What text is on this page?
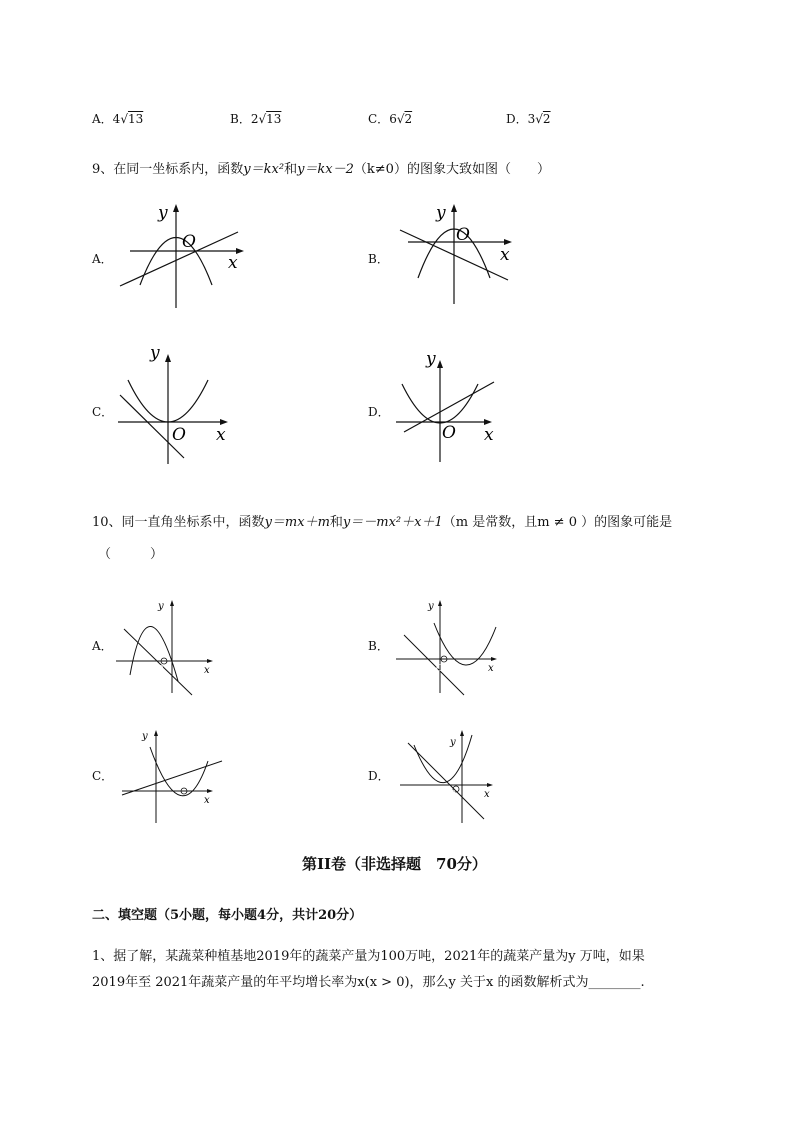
A．4√13	B．2√13	C．6√2	D．3√2
9、在同一坐标系内，函数y＝kx²和y＝kx－2（k≠0）的图象大致如图（　　）
A．
y
x
O
B．
y
x
O
C．
y
x
O
D．
y
x
O
10、同一直角坐标系中，函数y＝mx＋m和y＝－mx²＋x＋1（m 是常数，且m ≠ 0 ）的图象可能是
（　　　）
A．
y
x
O
B．
y
x
O
C．
y
x
O
D．
y
x
O
第II卷（非选择题　70分）
二、填空题（5小题，每小题4分，共计20分）
1、据了解，某蔬菜种植基地2019年的蔬菜产量为100万吨，2021年的蔬菜产量为y 万吨，如果
2019年至 2021年蔬菜产量的年平均增长率为x(x > 0)，那么y 关于x 的函数解析式为________.
